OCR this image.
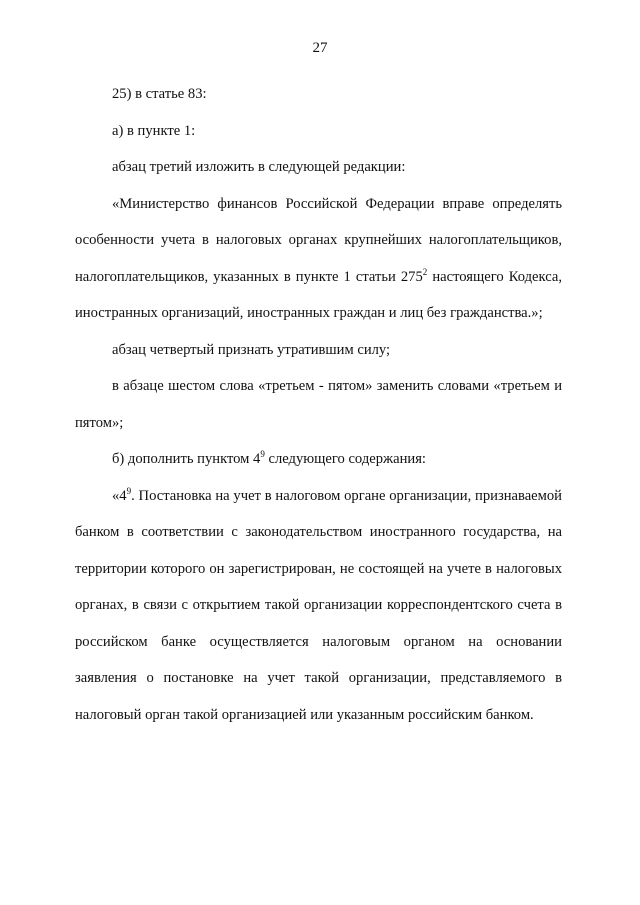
27

25) в статье 83:

а) в пункте 1:

абзац третий изложить в следующей редакции:

«Министерство финансов Российской Федерации вправе определять особенности учета в налоговых органах крупнейших налогоплательщиков, налогоплательщиков, указанных в пункте 1 статьи $275^2$ настоящего Кодекса, иностранных организаций, иностранных граждан и лиц без гражданства.»;

абзац четвертый признать утратившим силу;

в абзаце шестом слова «третьем - пятом» заменить словами «третьем и пятом»;

б) дополнить пунктом $4^9$ следующего содержания:

«$4^9$. Постановка на учет в налоговом органе организации, признаваемой банком в соответствии с законодательством иностранного государства, на территории которого он зарегистрирован, не состоящей на учете в налоговых органах, в связи с открытием такой организации корреспондентского счета в российском банке осуществляется налоговым органом на основании заявления о постановке на учет такой организации, представляемого в налоговый орган такой организацией или указанным российским банком.
